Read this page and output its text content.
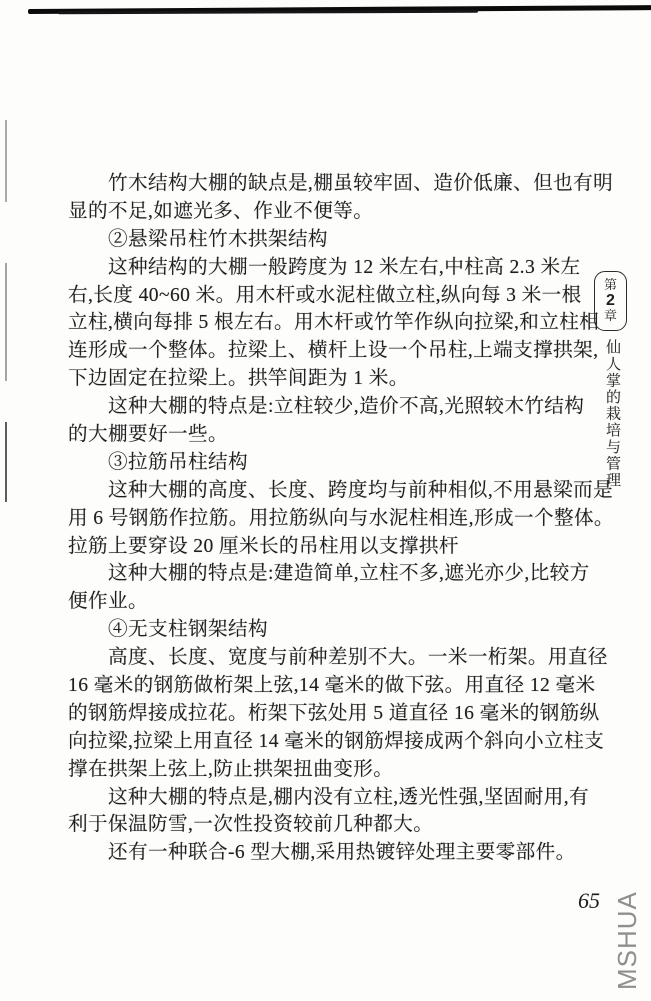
竹木结构大棚的缺点是,棚虽较牢固、造价低廉、但也有明

显的不足,如遮光多、作业不便等。

②悬梁吊柱竹木拱架结构

这种结构的大棚一般跨度为 12 米左右,中柱高 2.3 米左

右,长度 40~60 米。用木杆或水泥柱做立柱,纵向每 3 米一根

立柱,横向每排 5 根左右。用木杆或竹竿作纵向拉梁,和立柱相

连形成一个整体。拉梁上、横杆上设一个吊柱,上端支撑拱架,

下边固定在拉梁上。拱竿间距为 1 米。

这种大棚的特点是:立柱较少,造价不高,光照较木竹结构

的大棚要好一些。

③拉筋吊柱结构

这种大棚的高度、长度、跨度均与前种相似,不用悬梁而是

用 6 号钢筋作拉筋。用拉筋纵向与水泥柱相连,形成一个整体。

拉筋上要穿设 20 厘米长的吊柱用以支撑拱杆

这种大棚的特点是:建造简单,立柱不多,遮光亦少,比较方

便作业。

④无支柱钢架结构

高度、长度、宽度与前种差别不大。一米一桁架。用直径

16 毫米的钢筋做桁架上弦,14 毫米的做下弦。用直径 12 毫米

的钢筋焊接成拉花。桁架下弦处用 5 道直径 16 毫米的钢筋纵

向拉梁,拉梁上用直径 14 毫米的钢筋焊接成两个斜向小立柱支

撑在拱架上弦上,防止拱架扭曲变形。

这种大棚的特点是,棚内没有立柱,透光性强,坚固耐用,有

利于保温防雪,一次性投资较前几种都大。

还有一种联合-6 型大棚,采用热镀锌处理主要零部件。

第
2
章
仙人掌的栽培与管理
65 MSHUA
